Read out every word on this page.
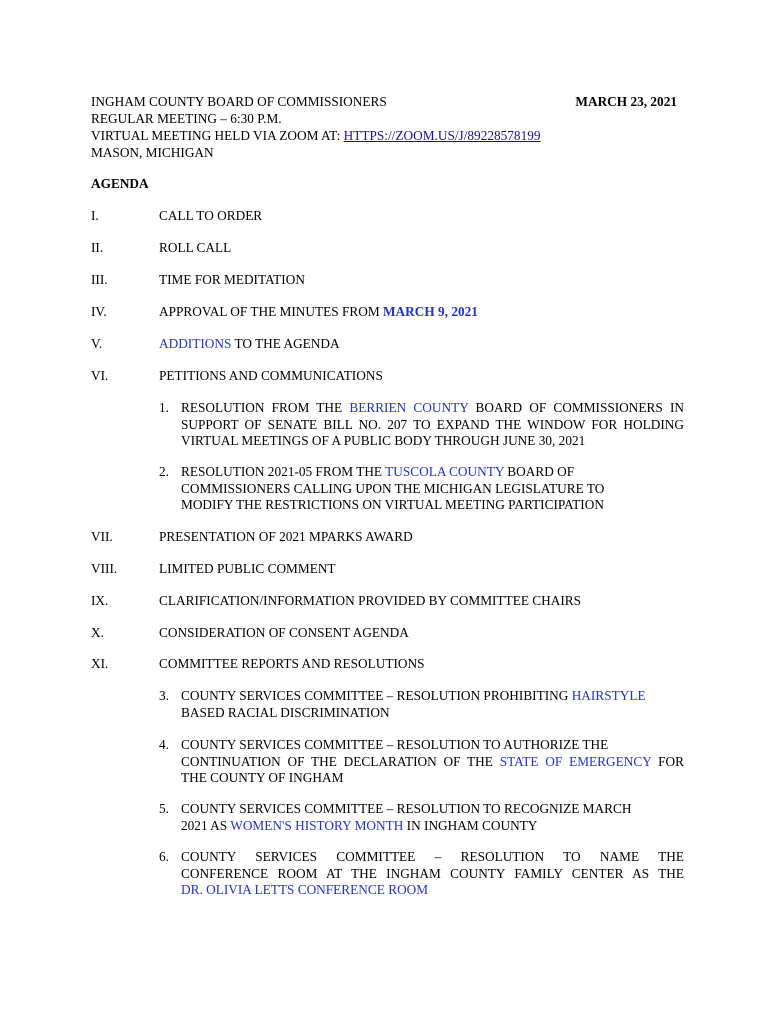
INGHAM COUNTY BOARD OF COMMISSIONERS	MARCH 23, 2021
REGULAR MEETING – 6:30 P.M.
VIRTUAL MEETING HELD VIA ZOOM AT: HTTPS://ZOOM.US/J/89228578199
MASON, MICHIGAN
AGENDA
I.	CALL TO ORDER
II.	ROLL CALL
III.	TIME FOR MEDITATION
IV.	APPROVAL OF THE MINUTES FROM MARCH 9, 2021
V.	ADDITIONS TO THE AGENDA
VI.	PETITIONS AND COMMUNICATIONS
1. RESOLUTION FROM THE BERRIEN COUNTY BOARD OF COMMISSIONERS IN
SUPPORT OF SENATE BILL NO. 207 TO EXPAND THE WINDOW FOR HOLDING
VIRTUAL MEETINGS OF A PUBLIC BODY THROUGH JUNE 30, 2021
2. RESOLUTION 2021-05 FROM THE TUSCOLA COUNTY BOARD OF
COMMISSIONERS CALLING UPON THE MICHIGAN LEGISLATURE TO
MODIFY THE RESTRICTIONS ON VIRTUAL MEETING PARTICIPATION
VII.	PRESENTATION OF 2021 MPARKS AWARD
VIII.	LIMITED PUBLIC COMMENT
IX.	CLARIFICATION/INFORMATION PROVIDED BY COMMITTEE CHAIRS
X.	CONSIDERATION OF CONSENT AGENDA
XI.	COMMITTEE REPORTS AND RESOLUTIONS
3. COUNTY SERVICES COMMITTEE – RESOLUTION PROHIBITING HAIRSTYLE
BASED RACIAL DISCRIMINATION
4. COUNTY SERVICES COMMITTEE – RESOLUTION TO AUTHORIZE THE
CONTINUATION OF THE DECLARATION OF THE STATE OF EMERGENCY FOR
THE COUNTY OF INGHAM
5. COUNTY SERVICES COMMITTEE – RESOLUTION TO RECOGNIZE MARCH
2021 AS WOMEN'S HISTORY MONTH IN INGHAM COUNTY
6. COUNTY SERVICES COMMITTEE – RESOLUTION TO NAME THE
CONFERENCE ROOM AT THE INGHAM COUNTY FAMILY CENTER AS THE
DR. OLIVIA LETTS CONFERENCE ROOM
